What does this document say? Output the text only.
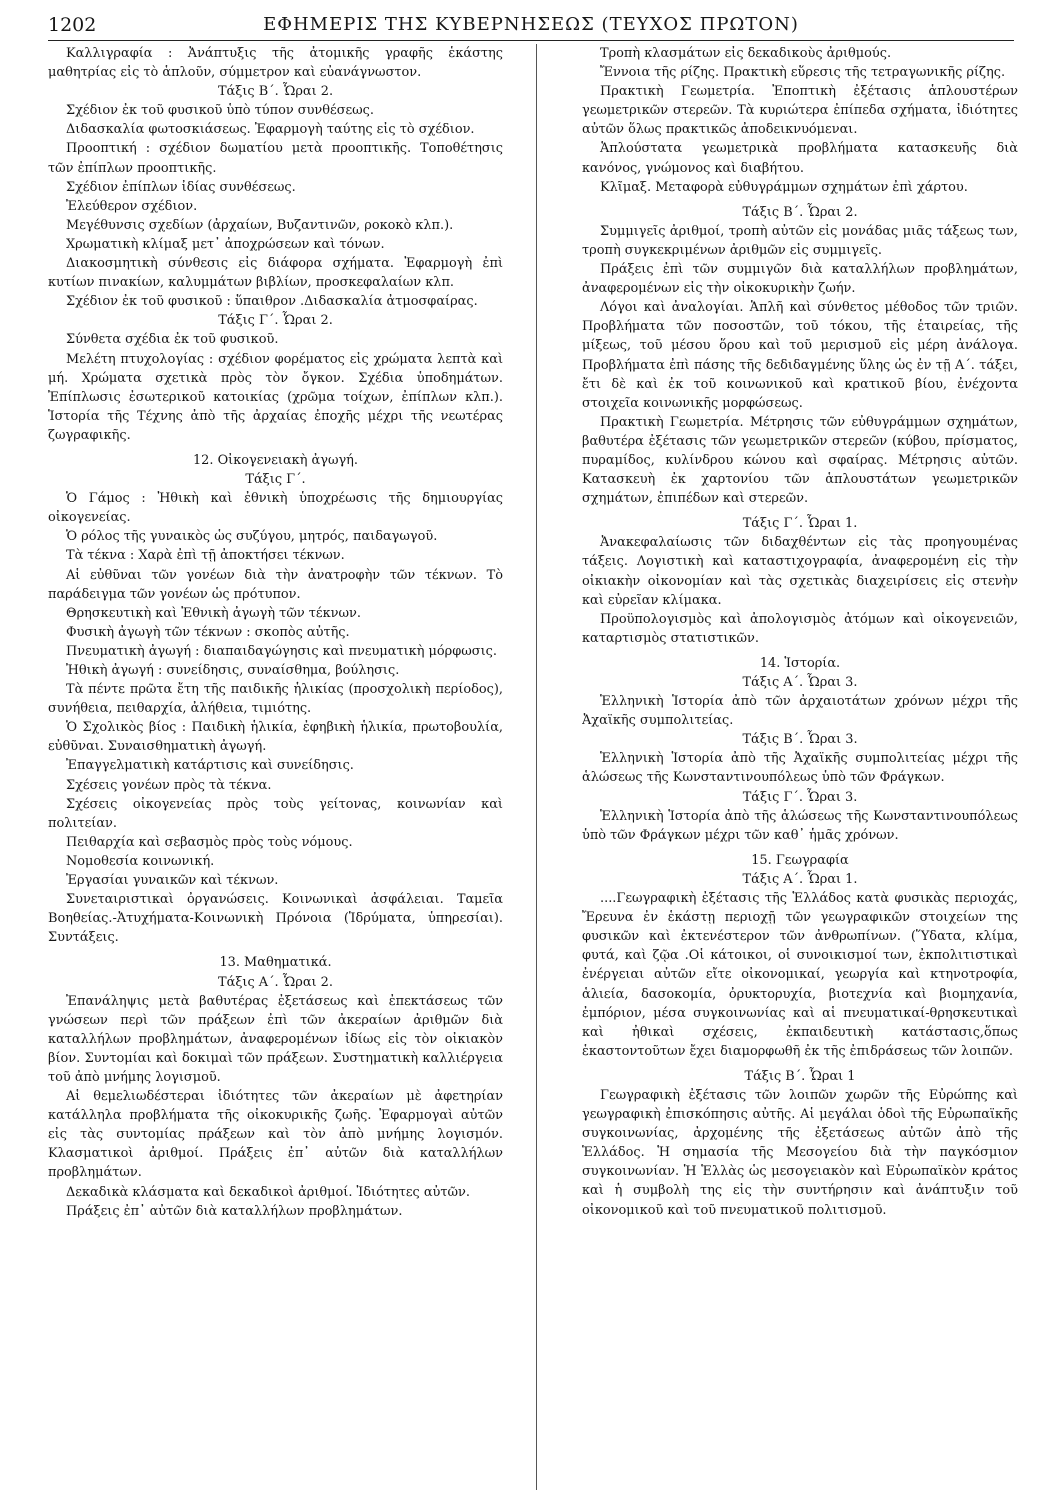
1202	ΕΦΗΜΕΡΙΣ ΤΗΣ ΚΥΒΕΡΝΗΣΕΩΣ (ΤΕΥΧΟΣ ΠΡΩΤΟΝ)

Καλλιγραφία : Ἀνάπτυξις τῆς ἀτομικῆς γραφῆς ἑκάστης μαθητρίας εἰς τὸ ἁπλοῦν, σύμμετρον καὶ εὐανάγνωστον.

Τάξις Β΄. Ὧραι 2.

Σχέδιον ἐκ τοῦ φυσικοῦ ὑπὸ τύπον συνθέσεως.

Διδασκαλία φωτοσκιάσεως. Ἐφαρμογὴ ταύτης εἰς τὸ σχέδιον.

Προοπτική : σχέδιον δωματίου μετὰ προοπτικῆς. Τοποθέτησις τῶν ἐπίπλων προοπτικῆς.

Σχέδιον ἐπίπλων ἰδίας συνθέσεως.

Ἐλεύθερον σχέδιον.

Μεγέθυνσις σχεδίων (ἀρχαίων, Βυζαντινῶν, ροκοκὸ κλπ.).

Χρωματικὴ κλίμαξ μετ᾿ ἀποχρώσεων καὶ τόνων.

Διακοσμητικὴ σύνθεσις εἰς διάφορα σχήματα. Ἐφαρμογὴ ἐπὶ κυτίων πινακίων, καλυμμάτων βιβλίων, προσκεφαλαίων κλπ.

Σχέδιον ἐκ τοῦ φυσικοῦ : ὕπαιθρον .Διδασκαλία ἀτμοσφαίρας.

Τάξις Γ΄. Ὧραι 2.

Σύνθετα σχέδια ἐκ τοῦ φυσικοῦ.

Μελέτη πτυχολογίας : σχέδιον φορέματος εἰς χρώματα λεπτὰ καὶ μή. Χρώματα σχετικὰ πρὸς τὸν ὄγκον. Σχέδια ὑποδημάτων. Ἐπίπλωσις ἐσωτερικοῦ κατοικίας (χρῶμα τοίχων, ἐπίπλων κλπ.). Ἱστορία τῆς Τέχνης ἀπὸ τῆς ἀρχαίας ἐποχῆς μέχρι τῆς νεωτέρας ζωγραφικῆς.

12. Οἰκογενειακὴ ἀγωγή.

Τάξις Γ΄.

Ὁ Γάμος : Ἠθικὴ καὶ ἐθνικὴ ὑποχρέωσις τῆς δημιουργίας οἰκογενείας.

Ὁ ρόλος τῆς γυναικὸς ὡς συζύγου, μητρός, παιδαγωγοῦ.

Τὰ τέκνα : Χαρὰ ἐπὶ τῇ ἀποκτήσει τέκνων.

Αἱ εὐθῦναι τῶν γονέων διὰ τὴν ἀνατροφὴν τῶν τέκνων. Τὸ παράδειγμα τῶν γονέων ὡς πρότυπον.

Θρησκευτικὴ καὶ Ἐθνικὴ ἀγωγὴ τῶν τέκνων.

Φυσικὴ ἀγωγὴ τῶν τέκνων : σκοπὸς αὐτῆς.

Πνευματικὴ ἀγωγή : διαπαιδαγώγησις καὶ πνευματικὴ μόρφωσις.

Ἠθικὴ ἀγωγή : συνείδησις, συναίσθημα, βούλησις.

Τὰ πέντε πρῶτα ἔτη τῆς παιδικῆς ἡλικίας (προσχολικὴ περίοδος), συνήθεια, πειθαρχία, ἀλήθεια, τιμιότης.

Ὁ Σχολικὸς βίος : Παιδικὴ ἡλικία, ἐφηβικὴ ἡλικία, πρωτοβουλία, εὐθῦναι. Συναισθηματικὴ ἀγωγή.

Ἐπαγγελματικὴ κατάρτισις καὶ συνείδησις.

Σχέσεις γονέων πρὸς τὰ τέκνα.

Σχέσεις οἰκογενείας πρὸς τοὺς γείτονας, κοινωνίαν καὶ πολιτείαν.

Πειθαρχία καὶ σεβασμὸς πρὸς τοὺς νόμους.

Νομοθεσία κοινωνική.

Ἐργασίαι γυναικῶν καὶ τέκνων.

Συνεταιριστικαὶ ὀργανώσεις. Κοινωνικαὶ ἀσφάλειαι. Ταμεῖα Βοηθείας.-Ἀτυχήματα-Κοινωνικὴ Πρόνοια (Ἱδρύματα, ὑπηρεσίαι). Συντάξεις.

13. Μαθηματικά.

Τάξις Α΄. Ὧραι 2.

Ἐπανάληψις μετὰ βαθυτέρας ἐξετάσεως καὶ ἐπεκτάσεως τῶν γνώσεων περὶ τῶν πράξεων ἐπὶ τῶν ἀκεραίων ἀριθμῶν διὰ καταλλήλων προβλημάτων, ἀναφερομένων ἰδίως εἰς τὸν οἰκιακὸν βίον. Συντομίαι καὶ δοκιμαὶ τῶν πράξεων. Συστηματικὴ καλλιέργεια τοῦ ἀπὸ μνήμης λογισμοῦ.

Αἱ θεμελιωδέστεραι ἰδιότητες τῶν ἀκεραίων μὲ ἀφετηρίαν κατάλληλα προβλήματα τῆς οἰκοκυρικῆς ζωῆς. Ἐφαρμογαὶ αὐτῶν εἰς τὰς συντομίας πράξεων καὶ τὸν ἀπὸ μνήμης λογισμόν. Κλασματικοὶ ἀριθμοί. Πράξεις ἐπ᾿ αὐτῶν διὰ καταλλήλων προβλημάτων.

Δεκαδικὰ κλάσματα καὶ δεκαδικοὶ ἀριθμοί. Ἰδιότητες αὐτῶν.

Πράξεις ἐπ᾿ αὐτῶν διὰ καταλλήλων προβλημάτων.

Τροπὴ κλασμάτων εἰς δεκαδικοὺς ἀριθμούς.

Ἔννοια τῆς ρίζης. Πρακτικὴ εὕρεσις τῆς τετραγωνικῆς ρίζης.

Πρακτικὴ Γεωμετρία. Ἐποπτικὴ ἐξέτασις ἁπλουστέρων γεωμετρικῶν στερεῶν. Τὰ κυριώτερα ἐπίπεδα σχήματα, ἰδιότητες αὐτῶν ὅλως πρακτικῶς ἀποδεικνυόμεναι.

Ἁπλούστατα γεωμετρικὰ προβλήματα κατασκευῆς διὰ κανόνος, γνώμονος καὶ διαβήτου.

Κλῖμαξ. Μεταφορὰ εὐθυγράμμων σχημάτων ἐπὶ χάρτου.

Τάξις Β΄. Ὧραι 2.

Συμμιγεῖς ἀριθμοί, τροπὴ αὐτῶν εἰς μονάδας μιᾶς τάξεως των, τροπὴ συγκεκριμένων ἀριθμῶν εἰς συμμιγεῖς.

Πράξεις ἐπὶ τῶν συμμιγῶν διὰ καταλλήλων προβλημάτων, ἀναφερομένων εἰς τὴν οἰκοκυρικὴν ζωήν.

Λόγοι καὶ ἀναλογίαι. Ἁπλῆ καὶ σύνθετος μέθοδος τῶν τριῶν. Προβλήματα τῶν ποσοστῶν, τοῦ τόκου, τῆς ἑταιρείας, τῆς μίξεως, τοῦ μέσου ὅρου καὶ τοῦ μερισμοῦ εἰς μέρη ἀνάλογα. Προβλήματα ἐπὶ πάσης τῆς δεδιδαγμένης ὕλης ὡς ἐν τῇ Α΄. τάξει, ἔτι δὲ καὶ ἐκ τοῦ κοινωνικοῦ καὶ κρατικοῦ βίου, ἐνέχοντα στοιχεῖα κοινωνικῆς μορφώσεως.

Πρακτικὴ Γεωμετρία. Μέτρησις τῶν εὐθυγράμμων σχημάτων, βαθυτέρα ἐξέτασις τῶν γεωμετρικῶν στερεῶν (κύβου, πρίσματος, πυραμίδος, κυλίνδρου κώνου καὶ σφαίρας. Μέτρησις αὐτῶν. Κατασκευὴ ἐκ χαρτονίου τῶν ἁπλουστάτων γεωμετρικῶν σχημάτων, ἐπιπέδων καὶ στερεῶν.

Τάξις Γ΄. Ὧραι 1.

Ἀνακεφαλαίωσις τῶν διδαχθέντων εἰς τὰς προηγουμένας τάξεις. Λογιστικὴ καὶ καταστιχογραφία, ἀναφερομένη εἰς τὴν οἰκιακὴν οἰκονομίαν καὶ τὰς σχετικὰς διαχειρίσεις εἰς στενὴν καὶ εὐρεῖαν κλίμακα.

Προϋπολογισμὸς καὶ ἀπολογισμὸς ἀτόμων καὶ οἰκογενειῶν, καταρτισμὸς στατιστικῶν.

14. Ἱστορία.

Τάξις Α΄. Ὧραι 3.

Ἑλληνικὴ Ἱστορία ἀπὸ τῶν ἀρχαιοτάτων χρόνων μέχρι τῆς Ἀχαϊκῆς συμπολιτείας.

Τάξις Β΄. Ὧραι 3.

Ἑλληνικὴ Ἱστορία ἀπὸ τῆς Ἀχαϊκῆς συμπολιτείας μέχρι τῆς ἁλώσεως τῆς Κωνσταντινουπόλεως ὑπὸ τῶν Φράγκων.

Τάξις Γ΄. Ὧραι 3.

Ἑλληνικὴ Ἱστορία ἀπὸ τῆς ἁλώσεως τῆς Κωνσταντινουπόλεως ὑπὸ τῶν Φράγκων μέχρι τῶν καθ᾿ ἡμᾶς χρόνων.

15. Γεωγραφία

Τάξις Α΄. Ὧραι 1.

....Γεωγραφικὴ ἐξέτασις τῆς Ἑλλάδος κατὰ φυσικὰς περιοχάς, Ἔρευνα ἐν ἑκάστῃ περιοχῇ τῶν γεωγραφικῶν στοιχείων της φυσικῶν καὶ ἐκτενέστερον τῶν ἀνθρωπίνων. (Ὕδατα, κλίμα, φυτά, καὶ ζῷα .Οἱ κάτοικοι, οἱ συνοικισμοί των, ἐκπολιτιστικαὶ ἐνέργειαι αὐτῶν εἴτε οἰκονομικαί, γεωργία καὶ κτηνοτροφία, ἁλιεία, δασοκομία, ὀρυκτορυχία, βιοτεχνία καὶ βιομηχανία, ἐμπόριον, μέσα συγκοινωνίας καὶ αἱ πνευματικαί-θρησκευτικαὶ καὶ ἠθικαὶ σχέσεις, ἐκπαιδευτικὴ κατάστασις,ὅπως ἑκαστοντοῦτων ἔχει διαμορφωθῆ ἐκ τῆς ἐπιδράσεως τῶν λοιπῶν.

Τάξις Β΄. Ὧραι 1

Γεωγραφικὴ ἐξέτασις τῶν λοιπῶν χωρῶν τῆς Εὐρώπης καὶ γεωγραφικὴ ἐπισκόπησις αὐτῆς. Αἱ μεγάλαι ὁδοὶ τῆς Εὐρωπαϊκῆς συγκοινωνίας, ἀρχομένης τῆς ἐξετάσεως αὐτῶν ἀπὸ τῆς Ἑλλάδος. Ἡ σημασία τῆς Μεσογείου διὰ τὴν παγκόσμιον συγκοινωνίαν. Ἡ Ἑλλὰς ὡς μεσογειακὸν καὶ Εὐρωπαϊκὸν κράτος καὶ ἡ συμβολὴ της εἰς τὴν συντήρησιν καὶ ἀνάπτυξιν τοῦ οἰκονομικοῦ καὶ τοῦ πνευματικοῦ πολιτισμοῦ.
